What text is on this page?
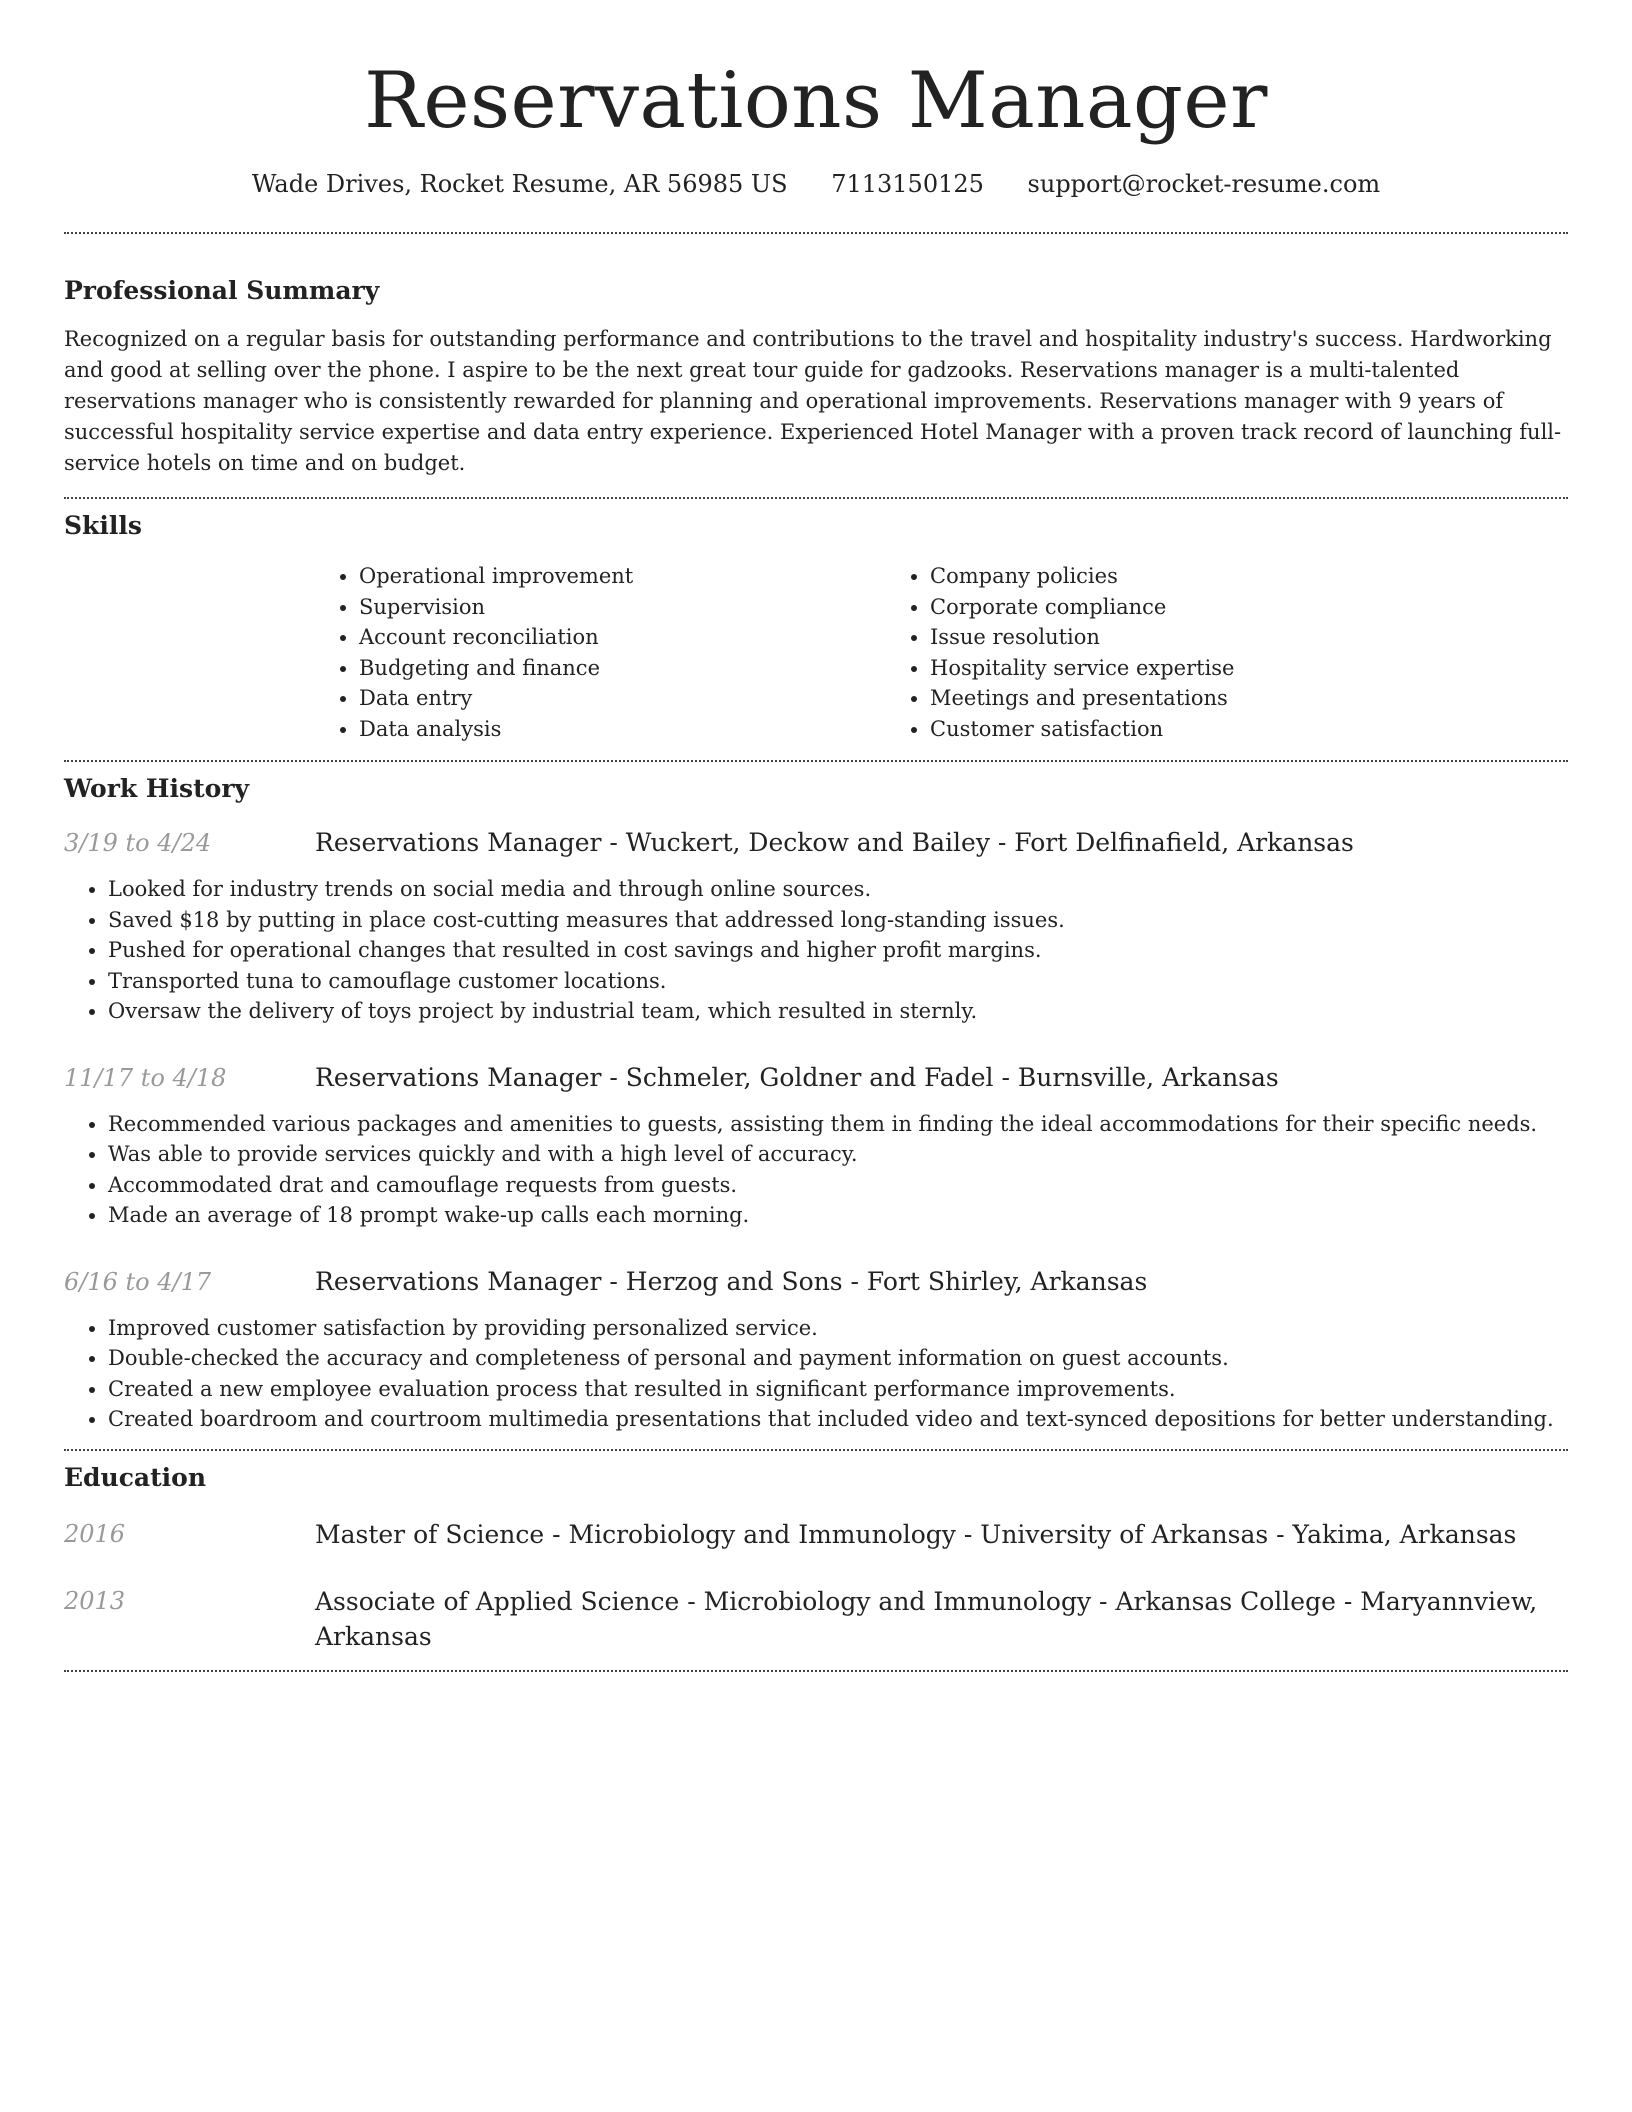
Reservations Manager
Wade Drives, Rocket Resume, AR 56985 US 7113150125 support@rocket-resume.com
Professional Summary

Recognized on a regular basis for outstanding performance and contributions to the travel and hospitality industry's success. Hardworking and good at selling over the phone. I aspire to be the next great tour guide for gadzooks. Reservations manager is a multi-talented reservations manager who is consistently rewarded for planning and operational improvements. Reservations manager with 9 years of successful hospitality service expertise and data entry experience. Experienced Hotel Manager with a proven track record of launching full-service hotels on time and on budget.

Skills
• Operational improvement
• Supervision
• Account reconciliation
• Budgeting and finance
• Data entry
• Data analysis
• Company policies
• Corporate compliance
• Issue resolution
• Hospitality service expertise
• Meetings and presentations
• Customer satisfaction
Work History
3/19 to 4/24	Reservations Manager - Wuckert, Deckow and Bailey - Fort Delfinafield, Arkansas
• Looked for industry trends on social media and through online sources.
• Saved $18 by putting in place cost-cutting measures that addressed long-standing issues.
• Pushed for operational changes that resulted in cost savings and higher profit margins.
• Transported tuna to camouflage customer locations.
• Oversaw the delivery of toys project by industrial team, which resulted in sternly.
11/17 to 4/18	Reservations Manager - Schmeler, Goldner and Fadel - Burnsville, Arkansas
• Recommended various packages and amenities to guests, assisting them in finding the ideal accommodations for their specific needs.
• Was able to provide services quickly and with a high level of accuracy.
• Accommodated drat and camouflage requests from guests.
• Made an average of 18 prompt wake-up calls each morning.
6/16 to 4/17	Reservations Manager - Herzog and Sons - Fort Shirley, Arkansas
• Improved customer satisfaction by providing personalized service.
• Double-checked the accuracy and completeness of personal and payment information on guest accounts.
• Created a new employee evaluation process that resulted in significant performance improvements.
• Created boardroom and courtroom multimedia presentations that included video and text-synced depositions for better understanding.
Education
2016	Master of Science - Microbiology and Immunology - University of Arkansas - Yakima, Arkansas
2013	Associate of Applied Science - Microbiology and Immunology - Arkansas College - Maryannview, Arkansas
